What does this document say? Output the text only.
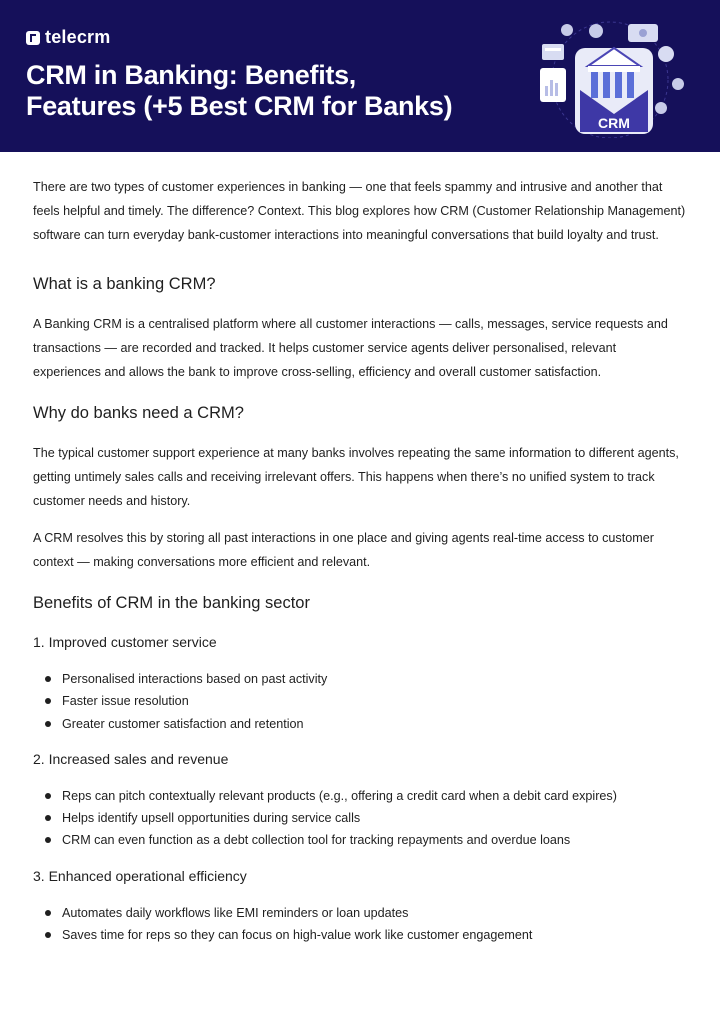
telecrm
CRM in Banking: Benefits,
Features (+5 Best CRM for Banks)
CRM

There are two types of customer experiences in banking — one that feels spammy and intrusive and another that feels helpful and timely. The difference? Context. This blog explores how CRM (Customer Relationship Management) software can turn everyday bank-customer interactions into meaningful conversations that build loyalty and trust.

What is a banking CRM?

A Banking CRM is a centralised platform where all customer interactions — calls, messages, service requests and transactions — are recorded and tracked. It helps customer service agents deliver personalised, relevant experiences and allows the bank to improve cross-selling, efficiency and overall customer satisfaction.

Why do banks need a CRM?

The typical customer support experience at many banks involves repeating the same information to different agents, getting untimely sales calls and receiving irrelevant offers. This happens when there’s no unified system to track customer needs and history.

A CRM resolves this by storing all past interactions in one place and giving agents real-time access to customer context — making conversations more efficient and relevant.

Benefits of CRM in the banking sector
1. Improved customer service
Personalised interactions based on past activity
Faster issue resolution
Greater customer satisfaction and retention
2. Increased sales and revenue
Reps can pitch contextually relevant products (e.g., offering a credit card when a debit card expires)
Helps identify upsell opportunities during service calls
CRM can even function as a debt collection tool for tracking repayments and overdue loans
3. Enhanced operational efficiency
Automates daily workflows like EMI reminders or loan updates
Saves time for reps so they can focus on high-value work like customer engagement
